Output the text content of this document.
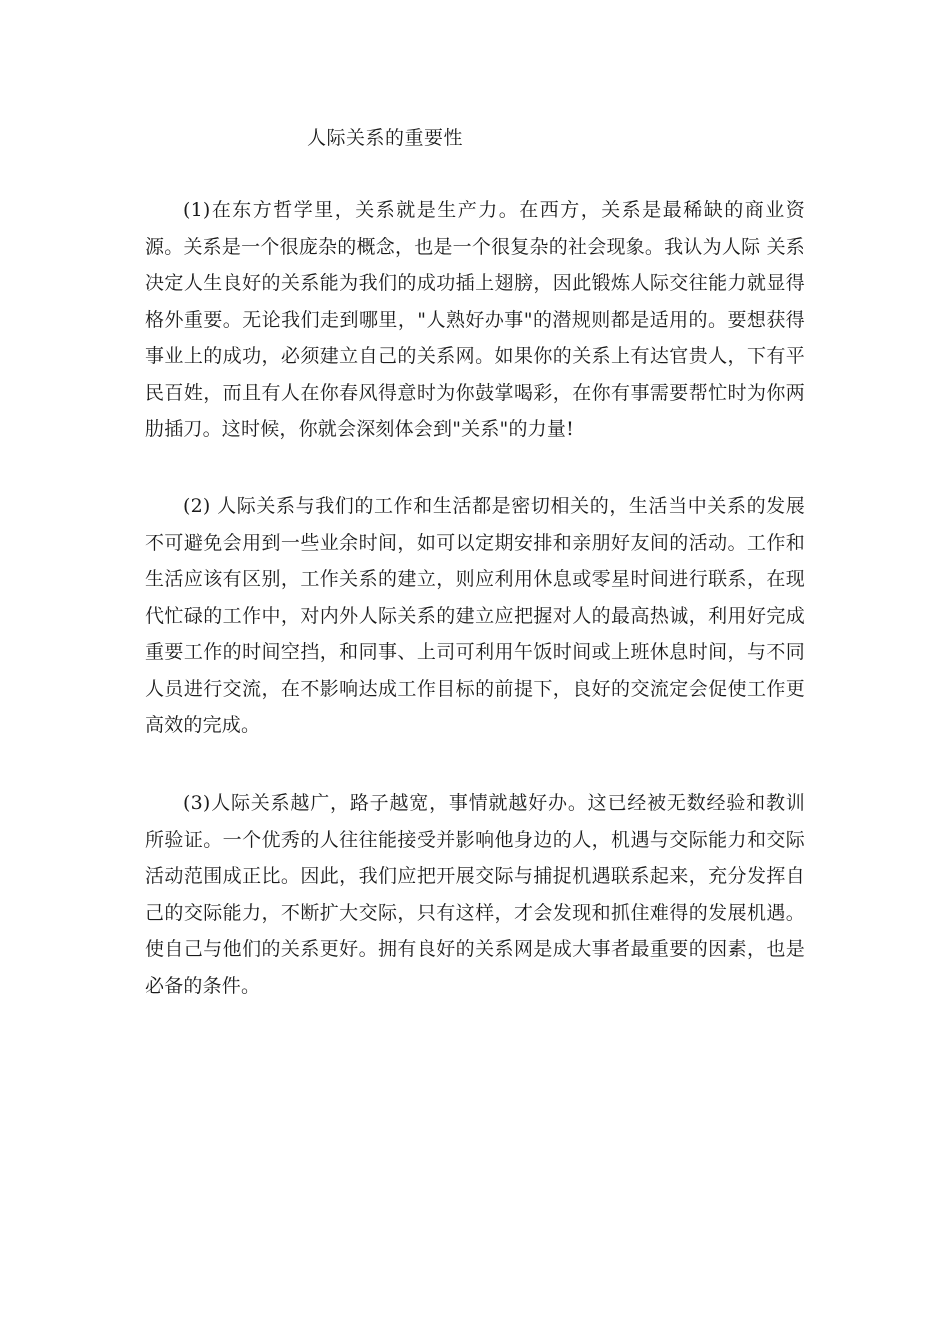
人际关系的重要性

(1)在东方哲学里，关系就是生产力。在西方，关系是最稀缺的商业资源。关系是一个很庞杂的概念，也是一个很复杂的社会现象。我认为人际 关系决定人生良好的关系能为我们的成功插上翅膀，因此锻炼人际交往能力就显得格外重要。无论我们走到哪里，"人熟好办事"的潜规则都是适用的。要想获得事业上的成功，必须建立自己的关系网。如果你的关系上有达官贵人，下有平民百姓，而且有人在你春风得意时为你鼓掌喝彩，在你有事需要帮忙时为你两肋插刀。这时候，你就会深刻体会到"关系"的力量!

(2) 人际关系与我们的工作和生活都是密切相关的，生活当中关系的发展不可避免会用到一些业余时间，如可以定期安排和亲朋好友间的活动。工作和生活应该有区别，工作关系的建立，则应利用休息或零星时间进行联系，在现代忙碌的工作中，对内外人际关系的建立应把握对人的最高热诚，利用好完成重要工作的时间空挡，和同事、上司可利用午饭时间或上班休息时间，与不同人员进行交流，在不影响达成工作目标的前提下，良好的交流定会促使工作更高效的完成。

(3)人际关系越广，路子越宽，事情就越好办。这已经被无数经验和教训所验证。一个优秀的人往往能接受并影响他身边的人，机遇与交际能力和交际活动范围成正比。因此，我们应把开展交际与捕捉机遇联系起来，充分发挥自己的交际能力，不断扩大交际，只有这样，才会发现和抓住难得的发展机遇。使自己与他们的关系更好。拥有良好的关系网是成大事者最重要的因素，也是必备的条件。
